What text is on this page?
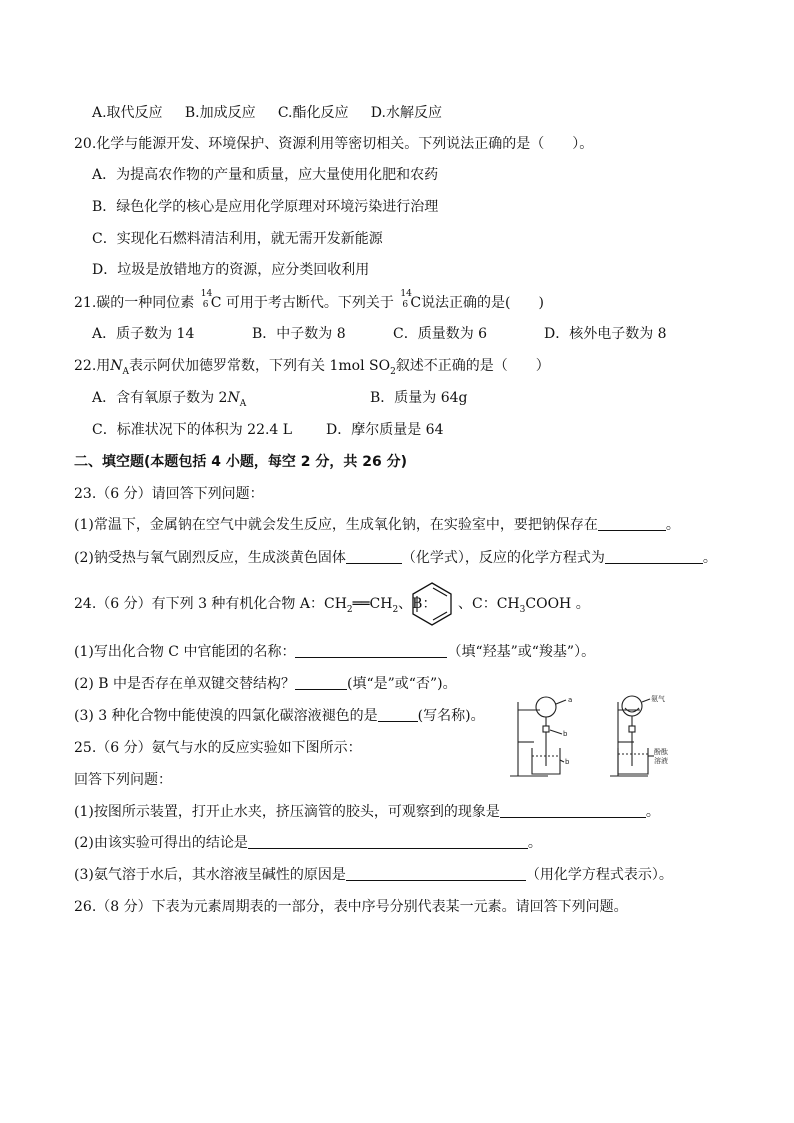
A.取代反应 B.加成反应 C.酯化反应 D.水解反应
20.化学与能源开发、环境保护、资源利用等密切相关。下列说法正确的是（　　）。
A．为提高农作物的产量和质量，应大量使用化肥和农药
B．绿色化学的核心是应用化学原理对环境污染进行治理
C．实现化石燃料清洁利用，就无需开发新能源
D．垃圾是放错地方的资源，应分类回收利用
21.碳的一种同位素
14
6 C 可用于考古断代。下列关于
14
6 C说法正确的是(　　)
A．质子数为 14	B．中子数为 8	C．质量数为 6	D．核外电子数为 8
22.用$N_A$表示阿伏加德罗常数，下列有关 1mol $SO_2$叙述不正确的是（　　）
A．含有氧原子数为 $2N_A$	B．质量为 64g
C．标准状况下的体积为 22.4 L D．摩尔质量是 64
二、填空题(本题包括 4 小题，每空 2 分，共 26 分)
23.（6 分）请回答下列问题：
(1)常温下，金属钠在空气中就会发生反应，生成氧化钠，在实验室中，要把钠保存在	。
(2)钠受热与氧气剧烈反应，生成淡黄色固体	（化学式），反应的化学方程式为	。
24.（6 分）有下列 3 种有机化合物 A：$CH_2══CH_2$、B： 、C：$CH_3COOH$ 。
(1)写出化合物 C 中官能团的名称：	（填“羟基”或“羧基”）。
(2) B 中是否存在单双键交替结构？	(填“是”或“否”)。
(3) 3 种化合物中能使溴的四氯化碳溶液褪色的是	(写名称)。
25.（6 分）氨气与水的反应实验如下图所示：
回答下列问题：
a
b
b
氨气
酚酞
溶液
(1)按图所示装置，打开止水夹，挤压滴管的胶头，可观察到的现象是	。
(2)由该实验可得出的结论是	。
(3)氨气溶于水后，其水溶液呈碱性的原因是	（用化学方程式表示）。
26.（8 分）下表为元素周期表的一部分，表中序号分别代表某一元素。请回答下列问题。
